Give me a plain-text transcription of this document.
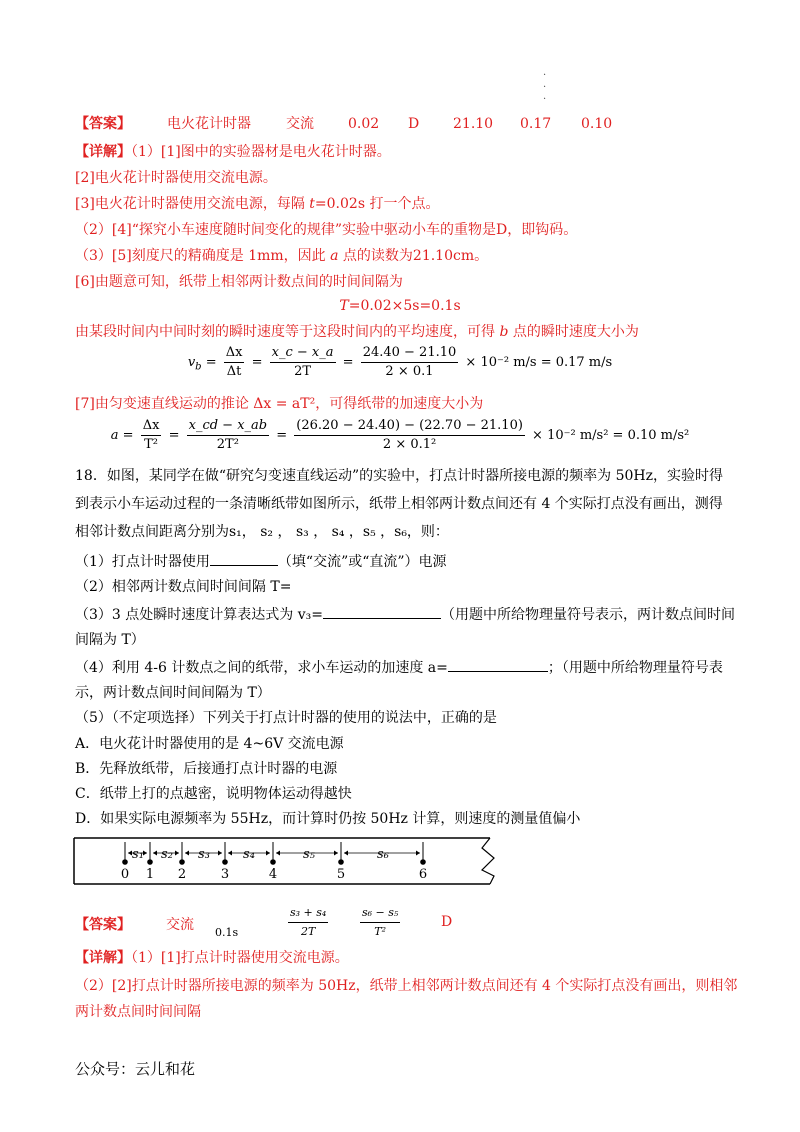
·
·
·
【答案】	电火花计时器	交流 0.02 D 21.10 0.17 0.10
【详解】（1）[1]图中的实验器材是电火花计时器。
[2]电火花计时器使用交流电源。
[3]电火花计时器使用交流电源，每隔 t=0.02s 打一个点。
（2）[4]“探究小车速度随时间变化的规律”实验中驱动小车的重物是D，即钩码。
（3）[5]刻度尺的精确度是 1mm，因此 a 点的读数为21.10cm。
[6]由题意可知，纸带上相邻两计数点间的时间间隔为
T=0.02×5s=0.1s
由某段时间内中间时刻的瞬时速度等于这段时间内的平均速度，可得 b 点的瞬时速度大小为
$v_b = \frac{\Delta x}{\Delta t} = \frac{x\_c - x\_a}{2T} = \frac{24.40 - 21.10}{2 \times 0.1} \times 10^{-2}$ m/s = 0.17 m/s
[7]由匀变速直线运动的推论 Δx = aT²，可得纸带的加速度大小为
$a = \frac{\Delta x}{\text{T²}} = \frac{x\_cd - x\_ab}{\text{2T²}} = \frac{(26.20 - 24.40) - (22.70 - 21.10)}{\text{2 × 0.1²}} \times 10^{-2}$ m/s² = 0.10 m/s²
18．如图，某同学在做“研究匀变速直线运动”的实验中，打点计时器所接电源的频率为 50Hz，实验时得
到表示小车运动过程的一条清晰纸带如图所示，纸带上相邻两计数点间还有 4 个实际打点没有画出，测得
相邻计数点间距离分别为s₁， s₂ ， s₃ ， s₄ ，s₅ ，s₆，则：
（1）打点计时器使用	（填“交流”或“直流”）电源
（2）相邻两计数点间时间间隔 T=
（3）3 点处瞬时速度计算表达式为 v₃=	（用题中所给物理量符号表示，两计数点间时间
间隔为 T）
（4）利用 4-6 计数点之间的纸带，求小车运动的加速度 a=	；（用题中所给物理量符号表
示，两计数点间时间间隔为 T）
（5）（不定项选择）下列关于打点计时器的使用的说法中，正确的是
A．电火花计时器使用的是 4~6V 交流电源
B．先释放纸带，后接通打点计时器的电源
C．纸带上打的点越密，说明物体运动得越快
D．如果实际电源频率为 55Hz，而计算时仍按 50Hz 计算，则速度的测量值偏小
0 1 2	3	4	5	6
s₁ s₂ s₃	s₄	s₅	s₆
【答案】	交流 0.1s	$\frac{\text{s₃ + s₄}}{2T}$	$\frac{\text{s₆ − s₅}}{\text{T²}}$	D
【详解】（1）[1]打点计时器使用交流电源。
（2）[2]打点计时器所接电源的频率为 50Hz，纸带上相邻两计数点间还有 4 个实际打点没有画出，则相邻
两计数点间时间间隔
公众号：云儿和花
